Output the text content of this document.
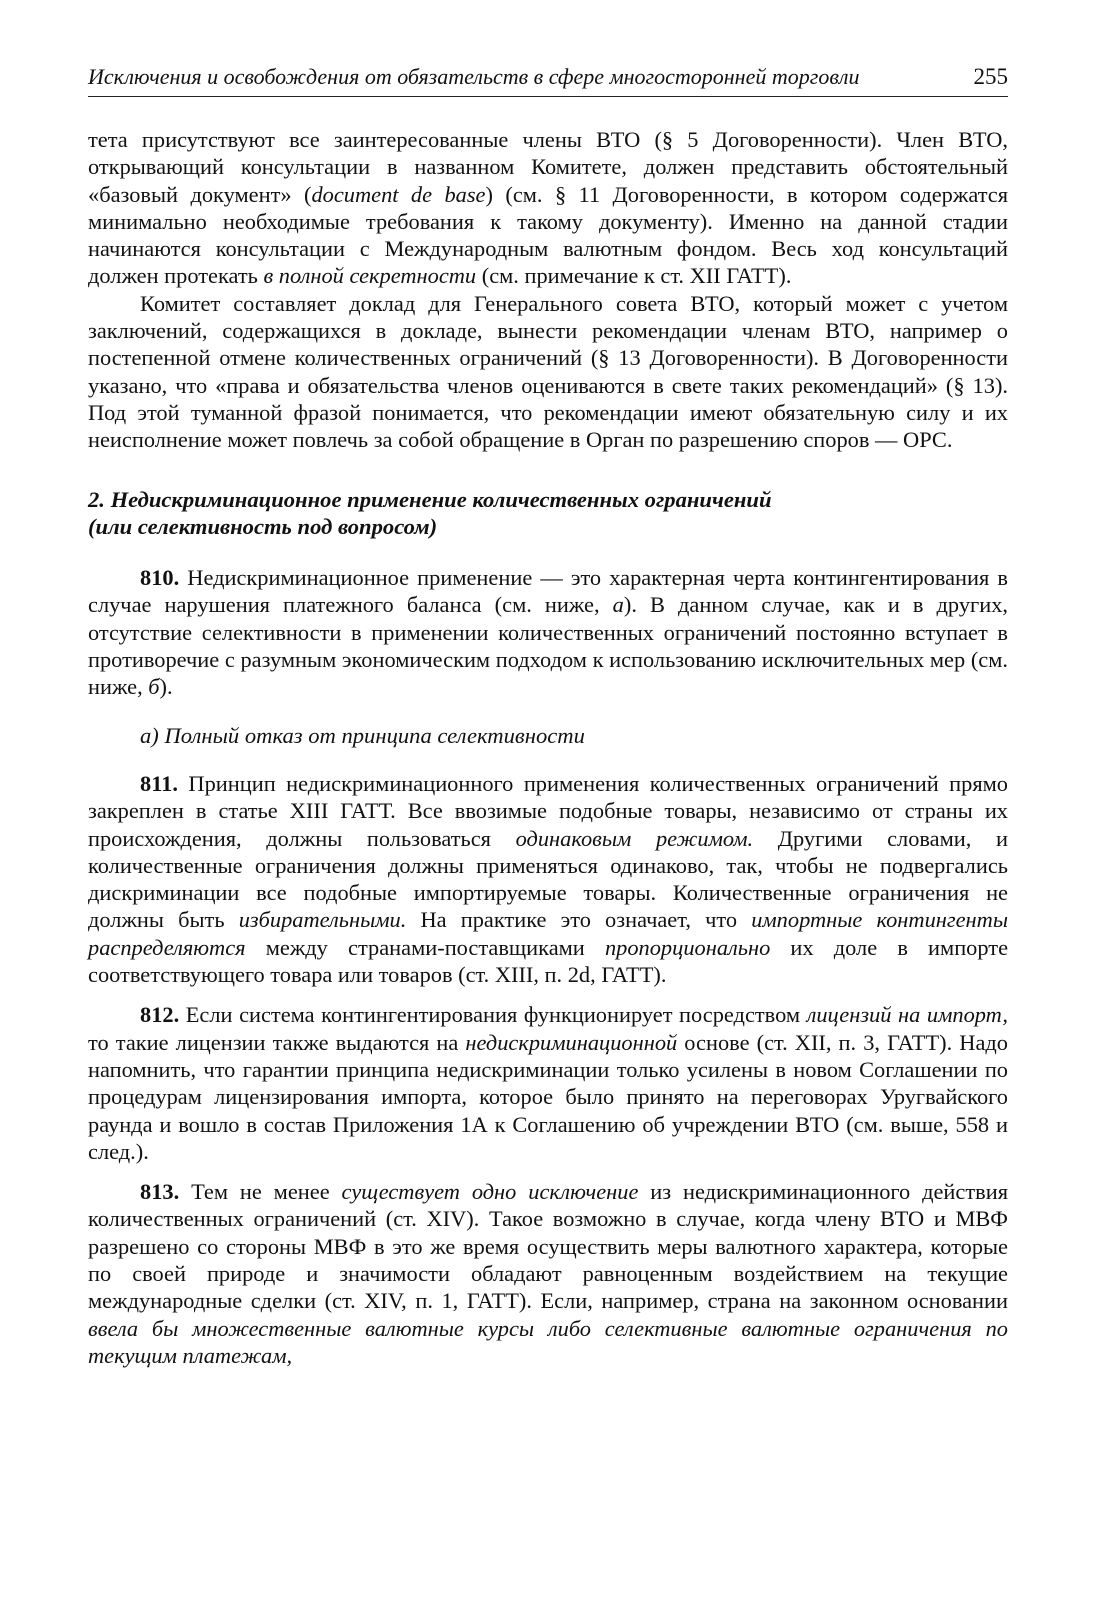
Исключения и освобождения от обязательств в сфере многосторонней торговли	255

тета присутствуют все заинтересованные члены ВТО (§ 5 Договоренности). Член ВТО, открывающий консультации в названном Комитете, должен представить обстоятельный «базовый документ» (document de base) (см. § 11 Договоренности, в котором содержатся минимально необходимые требования к такому документу). Именно на данной стадии начинаются консультации с Международным валютным фондом. Весь ход консультаций должен протекать в полной секретности (см. примечание к ст. XII ГАТТ).

Комитет составляет доклад для Генерального совета ВТО, который может с учетом заключений, содержащихся в докладе, вынести рекомендации членам ВТО, например о постепенной отмене количественных ограничений (§ 13 Договоренности). В Договоренности указано, что «права и обязательства членов оцениваются в свете таких рекомендаций» (§ 13). Под этой туманной фразой понимается, что рекомендации имеют обязательную силу и их неисполнение может повлечь за собой обращение в Орган по разрешению споров — ОРС.

2. Недискриминационное применение количественных ограничений
(или селективность под вопросом)

810. Недискриминационное применение — это характерная черта контингентирования в случае нарушения платежного баланса (см. ниже, а). В данном случае, как и в других, отсутствие селективности в применении количественных ограничений постоянно вступает в противоречие с разумным экономическим подходом к использованию исключительных мер (см. ниже, б).

а) Полный отказ от принципа селективности

811. Принцип недискриминационного применения количественных ограничений прямо закреплен в статье XIII ГАТТ. Все ввозимые подобные товары, независимо от страны их происхождения, должны пользоваться одинаковым режимом. Другими словами, и количественные ограничения должны применяться одинаково, так, чтобы не подвергались дискриминации все подобные импортируемые товары. Количественные ограничения не должны быть избирательными. На практике это означает, что импортные контингенты распределяются между странами-поставщиками пропорционально их доле в импорте соответствующего товара или товаров (ст. XIII, п. 2d, ГАТТ).

812. Если система контингентирования функционирует посредством лицензий на импорт, то такие лицензии также выдаются на недискриминационной основе (ст. XII, п. 3, ГАТТ). Надо напомнить, что гарантии принципа недискриминации только усилены в новом Соглашении по процедурам лицензирования импорта, которое было принято на переговорах Уругвайского раунда и вошло в состав Приложения 1А к Соглашению об учреждении ВТО (см. выше, 558 и след.).

813. Тем не менее существует одно исключение из недискриминационного действия количественных ограничений (ст. XIV). Такое возможно в случае, когда члену ВТО и МВФ разрешено со стороны МВФ в это же время осуществить меры валютного характера, которые по своей природе и значимости обладают равноценным воздействием на текущие международные сделки (ст. XIV, п. 1, ГАТТ). Если, например, страна на законном основании ввела бы множественные валютные курсы либо селективные валютные ограничения по текущим платежам,
